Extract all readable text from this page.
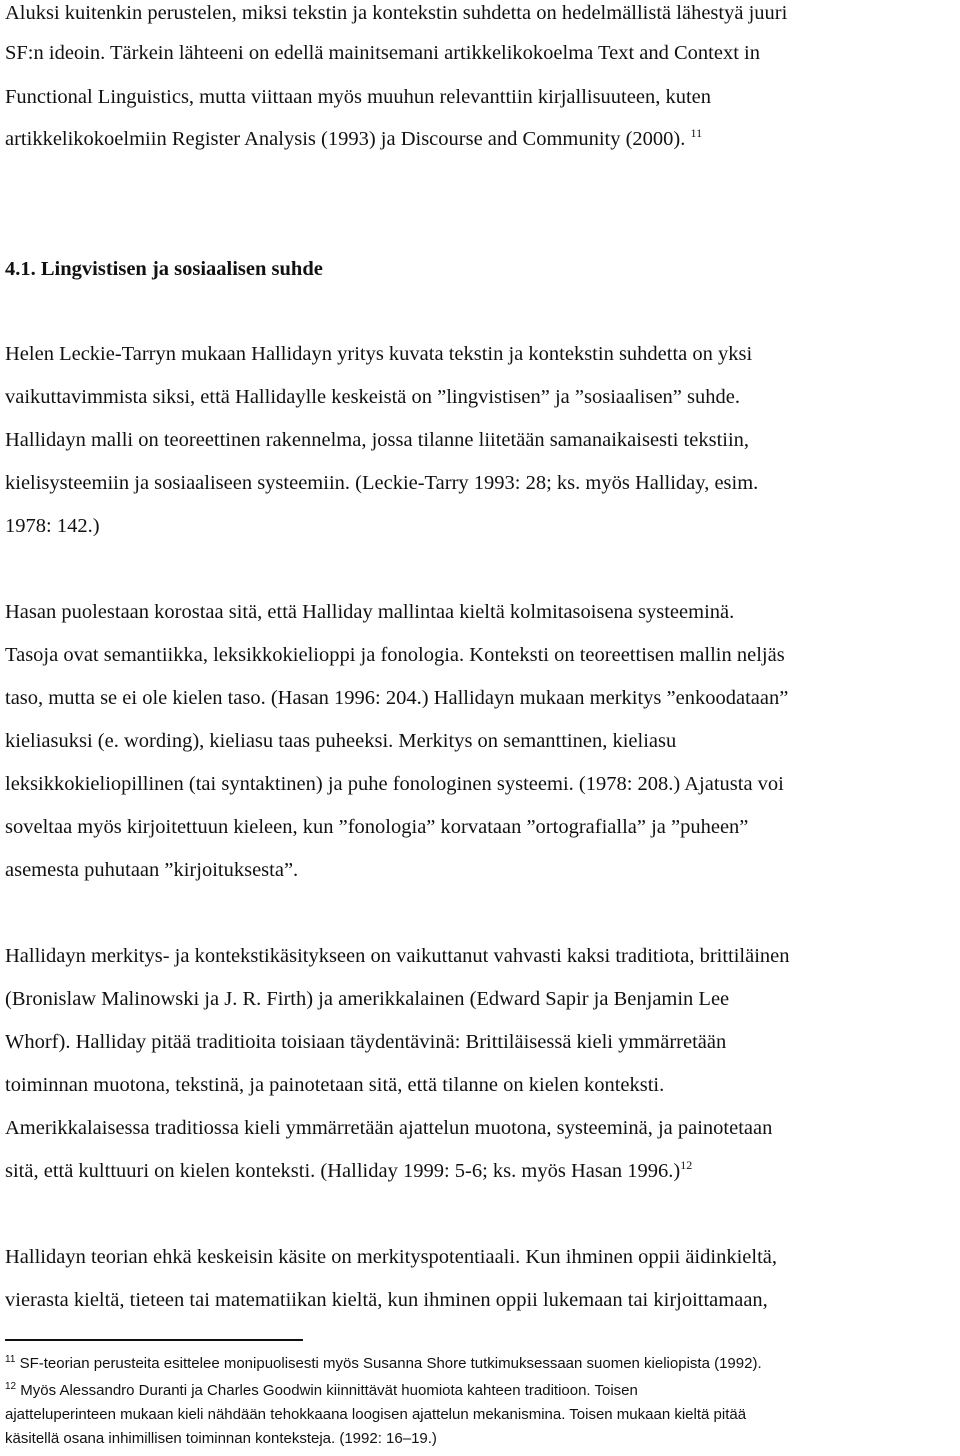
Aluksi kuitenkin perustelen, miksi tekstin ja kontekstin suhdetta on hedelmällistä lähestyä juuri
SF:n ideoin. Tärkein lähteeni on edellä mainitsemani artikkelikokoelma Text and Context in
Functional Linguistics, mutta viittaan myös muuhun relevanttiin kirjallisuuteen, kuten
artikkelikokoelmiin Register Analysis (1993) ja Discourse and Community (2000). $^{11}$
4.1. Lingvistisen ja sosiaalisen suhde
Helen Leckie-Tarryn mukaan Hallidayn yritys kuvata tekstin ja kontekstin suhdetta on yksi
vaikuttavimmista siksi, että Hallidaylle keskeistä on ”lingvistisen” ja ”sosiaalisen” suhde.
Hallidayn malli on teoreettinen rakennelma, jossa tilanne liitetään samanaikaisesti tekstiin,
kielisysteemiin ja sosiaaliseen systeemiin. (Leckie-Tarry 1993: 28; ks. myös Halliday, esim.
1978: 142.)
Hasan puolestaan korostaa sitä, että Halliday mallintaa kieltä kolmitasoisena systeeminä.
Tasoja ovat semantiikka, leksikkokielioppi ja fonologia. Konteksti on teoreettisen mallin neljäs
taso, mutta se ei ole kielen taso. (Hasan 1996: 204.) Hallidayn mukaan merkitys ”enkoodataan”
kieliasuksi (e. wording), kieliasu taas puheeksi. Merkitys on semanttinen, kieliasu
leksikkokieliopillinen (tai syntaktinen) ja puhe fonologinen systeemi. (1978: 208.) Ajatusta voi
soveltaa myös kirjoitettuun kieleen, kun ”fonologia” korvataan ”ortografialla” ja ”puheen”
asemesta puhutaan ”kirjoituksesta”.
Hallidayn merkitys- ja kontekstikäsitykseen on vaikuttanut vahvasti kaksi traditiota, brittiläinen
(Bronislaw Malinowski ja J. R. Firth) ja amerikkalainen (Edward Sapir ja Benjamin Lee
Whorf). Halliday pitää traditioita toisiaan täydentävinä: Brittiläisessä kieli ymmärretään
toiminnan muotona, tekstinä, ja painotetaan sitä, että tilanne on kielen konteksti.
Amerikkalaisessa traditiossa kieli ymmärretään ajattelun muotona, systeeminä, ja painotetaan
sitä, että kulttuuri on kielen konteksti. (Halliday 1999: 5-6; ks. myös Hasan 1996.)$^{12}$
Hallidayn teorian ehkä keskeisin käsite on merkityspotentiaali. Kun ihminen oppii äidinkieltä,
vierasta kieltä, tieteen tai matematiikan kieltä, kun ihminen oppii lukemaan tai kirjoittamaan,
$^{11}$ SF-teorian perusteita esittelee monipuolisesti myös Susanna Shore tutkimuksessaan suomen kieliopista (1992).
$^{12}$ Myös Alessandro Duranti ja Charles Goodwin kiinnittävät huomiota kahteen traditioon. Toisen
ajatteluperinteen mukaan kieli nähdään tehokkaana loogisen ajattelun mekanismina. Toisen mukaan kieltä pitää
käsitellä osana inhimillisen toiminnan konteksteja. (1992: 16–19.)
